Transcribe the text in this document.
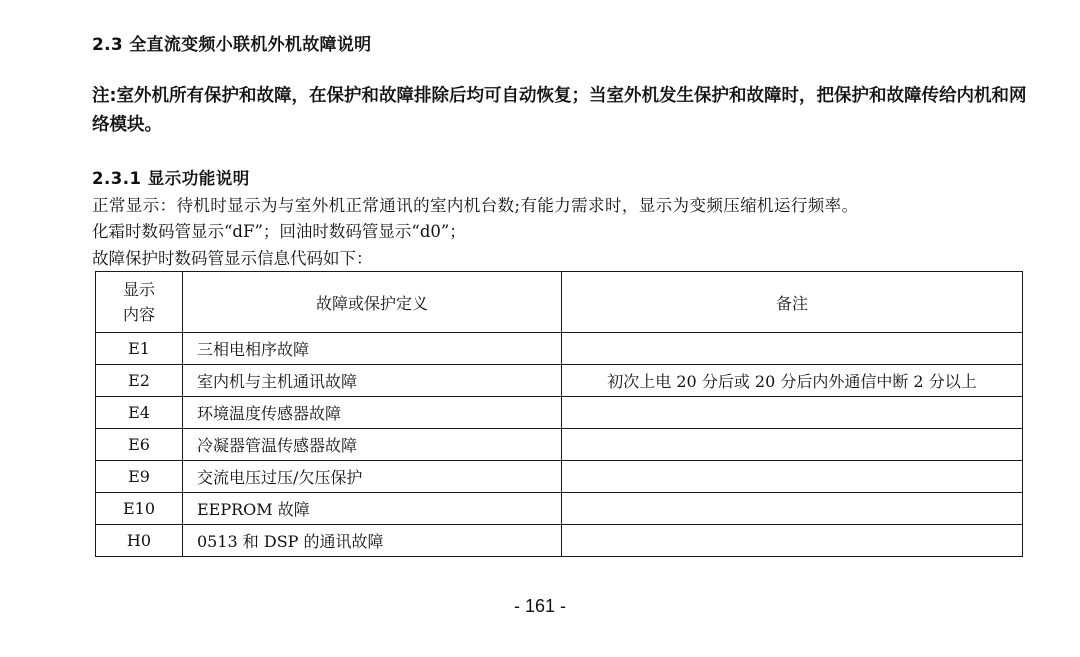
2.3 全直流变频小联机外机故障说明
注:室外机所有保护和故障，在保护和故障排除后均可自动恢复；当室外机发生保护和故障时，把保护和故障传给内机和网络模块。
2.3.1 显示功能说明
正常显示：待机时显示为与室外机正常通讯的室内机台数;有能力需求时，显示为变频压缩机运行频率。
化霜时数码管显示“dF”；回油时数码管显示“d0”；
故障保护时数码管显示信息代码如下：
显示
内容	故障或保护定义	备注
E1	三相电相序故障	
E2	室内机与主机通讯故障	初次上电 20 分后或 20 分后内外通信中断 2 分以上
E4	环境温度传感器故障	
E6	冷凝器管温传感器故障	
E9	交流电压过压/欠压保护	
E10	EEPROM 故障	
H0	0513 和 DSP 的通讯故障	
- 161 -
